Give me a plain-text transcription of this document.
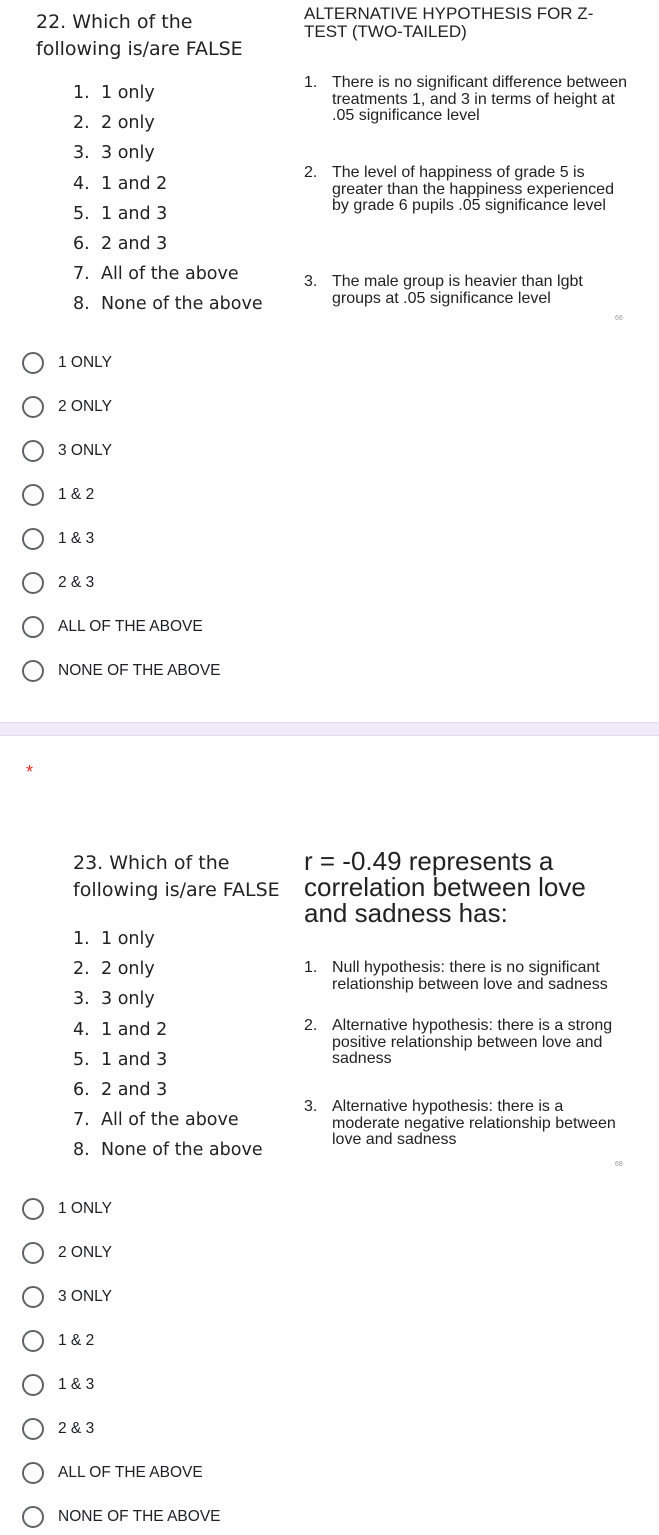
22. Which of the
following is/are FALSE
1. 1 only
2. 2 only
3. 3 only
4. 1 and 2
5. 1 and 3
6. 2 and 3
7. All of the above
8. None of the above
ALTERNATIVE HYPOTHESIS FOR Z-
TEST (TWO-TAILED)
1. There is no significant difference between treatments 1, and 3 in terms of height at .05 significance level
2. The level of happiness of grade 5 is greater than the happiness experienced by grade 6 pupils .05 significance level
3. The male group is heavier than lgbt groups at .05 significance level
66
1 ONLY
2 ONLY
3 ONLY
1 & 2
1 & 3
2 & 3
ALL OF THE ABOVE
NONE OF THE ABOVE
*
23. Which of the
following is/are FALSE
1. 1 only
2. 2 only
3. 3 only
4. 1 and 2
5. 1 and 3
6. 2 and 3
7. All of the above
8. None of the above
r = -0.49 represents a
correlation between love
and sadness has:
1. Null hypothesis: there is no significant relationship between love and sadness
2. Alternative hypothesis: there is a strong positive relationship between love and sadness
3. Alternative hypothesis: there is a moderate negative relationship between love and sadness
68
1 ONLY
2 ONLY
3 ONLY
1 & 2
1 & 3
2 & 3
ALL OF THE ABOVE
NONE OF THE ABOVE
